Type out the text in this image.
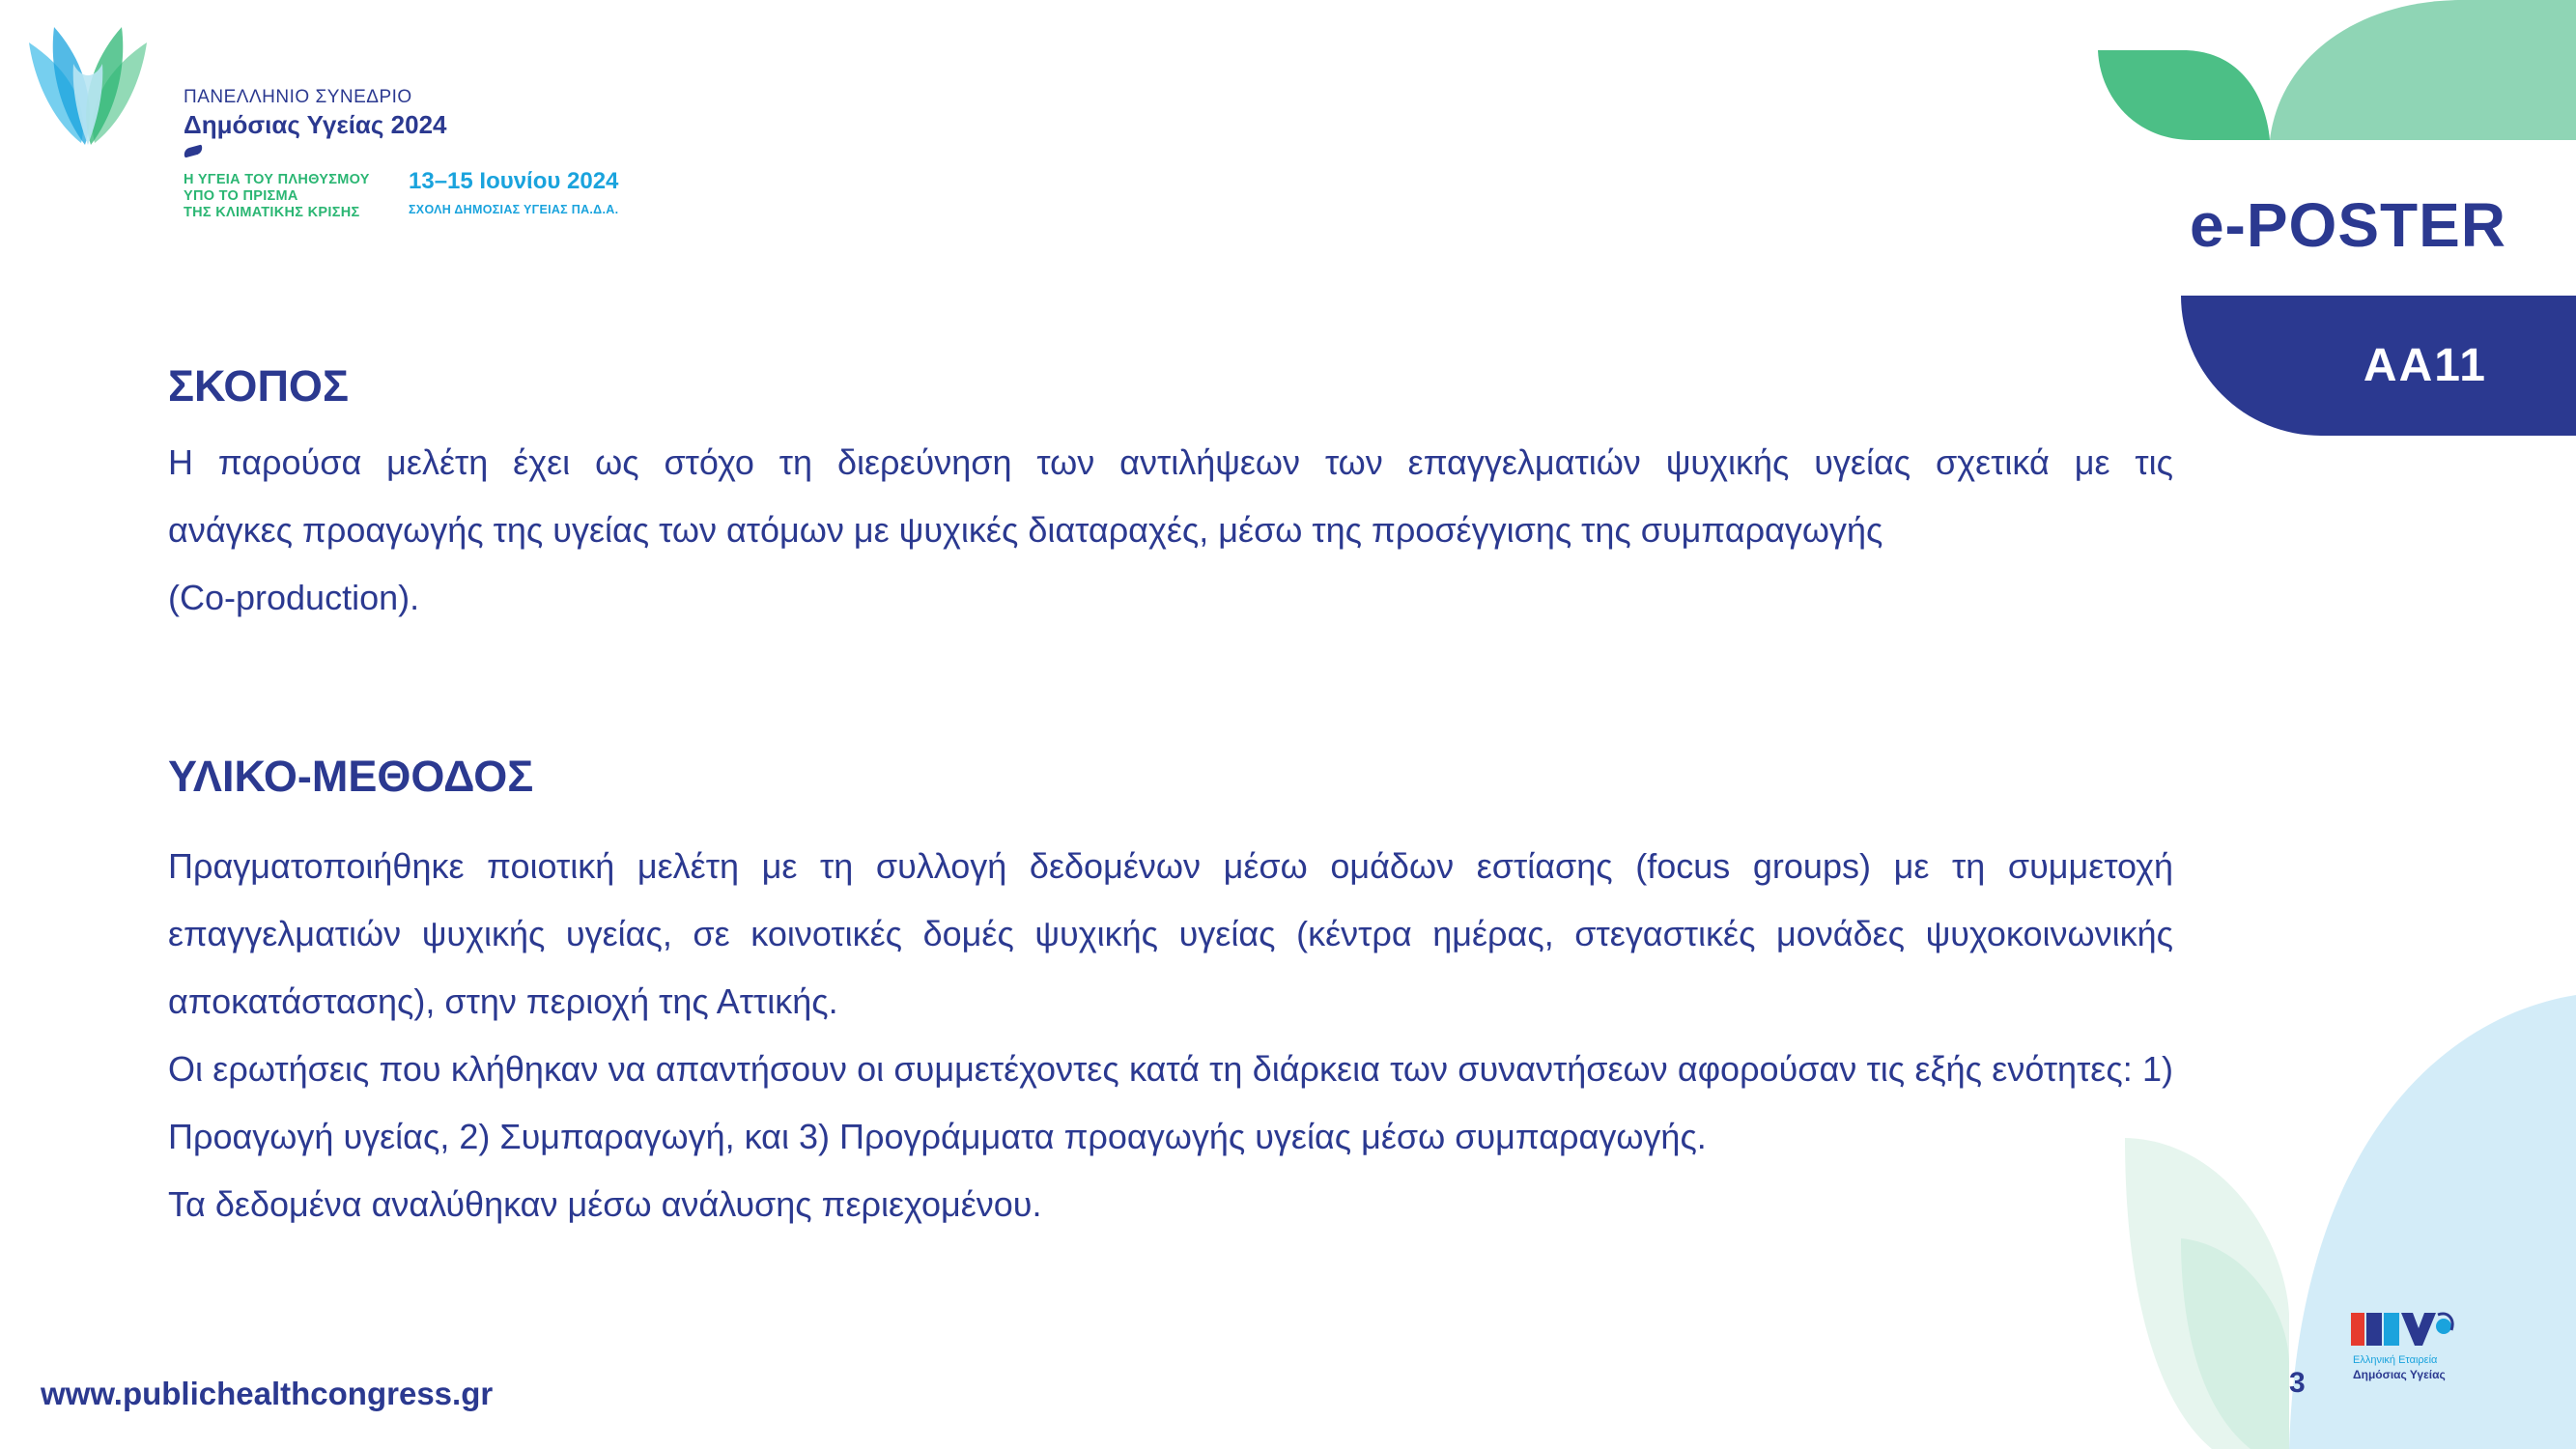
ΠΑΝΕΛΛΗΝΙΟ ΣΥΝΕΔΡΙΟ
Δημόσιας Υγείας 2024
Η ΥΓΕΙΑ ΤΟΥ ΠΛΗΘΥΣΜΟΥ
ΥΠΟ ΤΟ ΠΡΙΣΜΑ
ΤΗΣ ΚΛΙΜΑΤΙΚΗΣ ΚΡΙΣΗΣ
13–15 Ιουνίου 2024
ΣΧΟΛΗ ΔΗΜΟΣΙΑΣ ΥΓΕΙΑΣ ΠΑ.Δ.Α.	e-POSTER
AA11
ΣΚΟΠΟΣ

Η παρούσα μελέτη έχει ως στόχο τη διερεύνηση των αντιλήψεων των επαγγελματιών ψυχικής υγείας σχετικά με τις

ανάγκες προαγωγής της υγείας των ατόμων με ψυχικές διαταραχές, μέσω της προσέγγισης της συμπαραγωγής

(Co-production).

ΥΛΙΚΟ-ΜΕΘΟΔΟΣ

Πραγματοποιήθηκε ποιοτική μελέτη με τη συλλογή δεδομένων μέσω ομάδων εστίασης (focus groups) με τη συμμετοχή επαγγελματιών ψυχικής υγείας, σε κοινοτικές δομές ψυχικής υγείας (κέντρα ημέρας, στεγαστικές μονάδες ψυχοκοινωνικής αποκατάστασης), στην περιοχή της Αττικής.

Οι ερωτήσεις που κλήθηκαν να απαντήσουν οι συμμετέχοντες κατά τη διάρκεια των συναντήσεων αφορούσαν τις εξής ενότητες: 1) Προαγωγή υγείας, 2) Συμπαραγωγή, και 3) Προγράμματα προαγωγής υγείας μέσω συμπαραγωγής.

Τα δεδομένα αναλύθηκαν μέσω ανάλυσης περιεχομένου.

Ελληνική Εταιρεία
Δημόσιας Υγείας
3
www.publichealthcongress.gr
